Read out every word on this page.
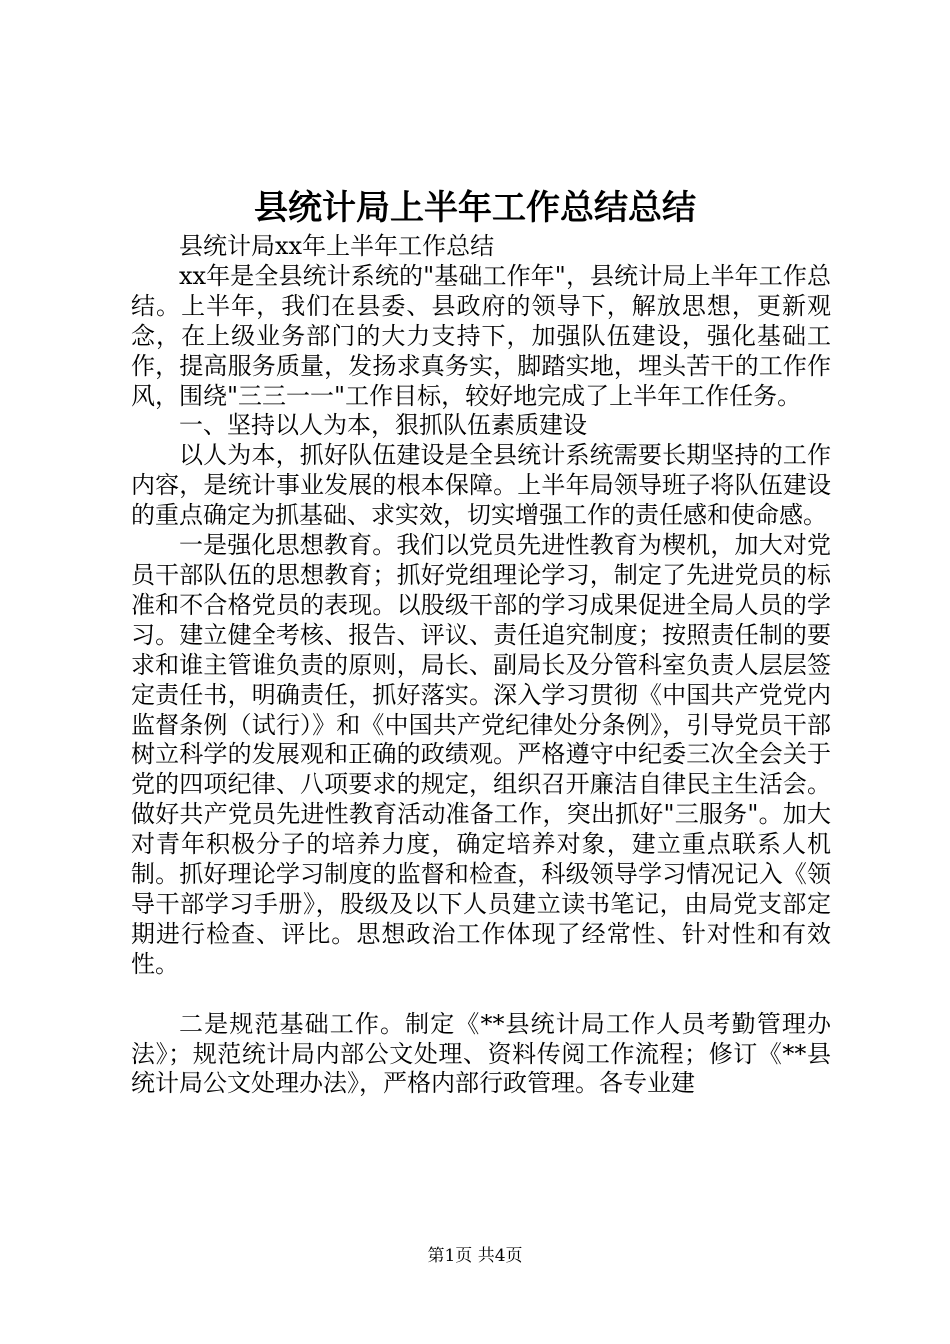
县统计局上半年工作总结总结

县统计局xx年上半年工作总结

xx年是全县统计系统的"基础工作年"，县统计局上半年工作总结。上半年，我们在县委、县政府的领导下，解放思想，更新观念，在上级业务部门的大力支持下，加强队伍建设，强化基础工作，提高服务质量，发扬求真务实，脚踏实地，埋头苦干的工作作风，围绕"三三一一"工作目标，较好地完成了上半年工作任务。

一、坚持以人为本，狠抓队伍素质建设

以人为本，抓好队伍建设是全县统计系统需要长期坚持的工作内容，是统计事业发展的根本保障。上半年局领导班子将队伍建设的重点确定为抓基础、求实效，切实增强工作的责任感和使命感。

一是强化思想教育。我们以党员先进性教育为楔机，加大对党员干部队伍的思想教育；抓好党组理论学习，制定了先进党员的标准和不合格党员的表现。以股级干部的学习成果促进全局人员的学习。建立健全考核、报告、评议、责任追究制度；按照责任制的要求和谁主管谁负责的原则，局长、副局长及分管科室负责人层层签定责任书，明确责任，抓好落实。深入学习贯彻《中国共产党党内监督条例（试行）》和《中国共产党纪律处分条例》，引导党员干部树立科学的发展观和正确的政绩观。严格遵守中纪委三次全会关于党的四项纪律、八项要求的规定，组织召开廉洁自律民主生活会。做好共产党员先进性教育活动准备工作，突出抓好"三服务"。加大对青年积极分子的培养力度，确定培养对象，建立重点联系人机制。抓好理论学习制度的监督和检查，科级领导学习情况记入《领导干部学习手册》，股级及以下人员建立读书笔记，由局党支部定期进行检查、评比。思想政治工作体现了经常性、针对性和有效性。

二是规范基础工作。制定《**县统计局工作人员考勤管理办法》；规范统计局内部公文处理、资料传阅工作流程；修订《**县统计局公文处理办法》，严格内部行政管理。各专业建

第1页 共4页
